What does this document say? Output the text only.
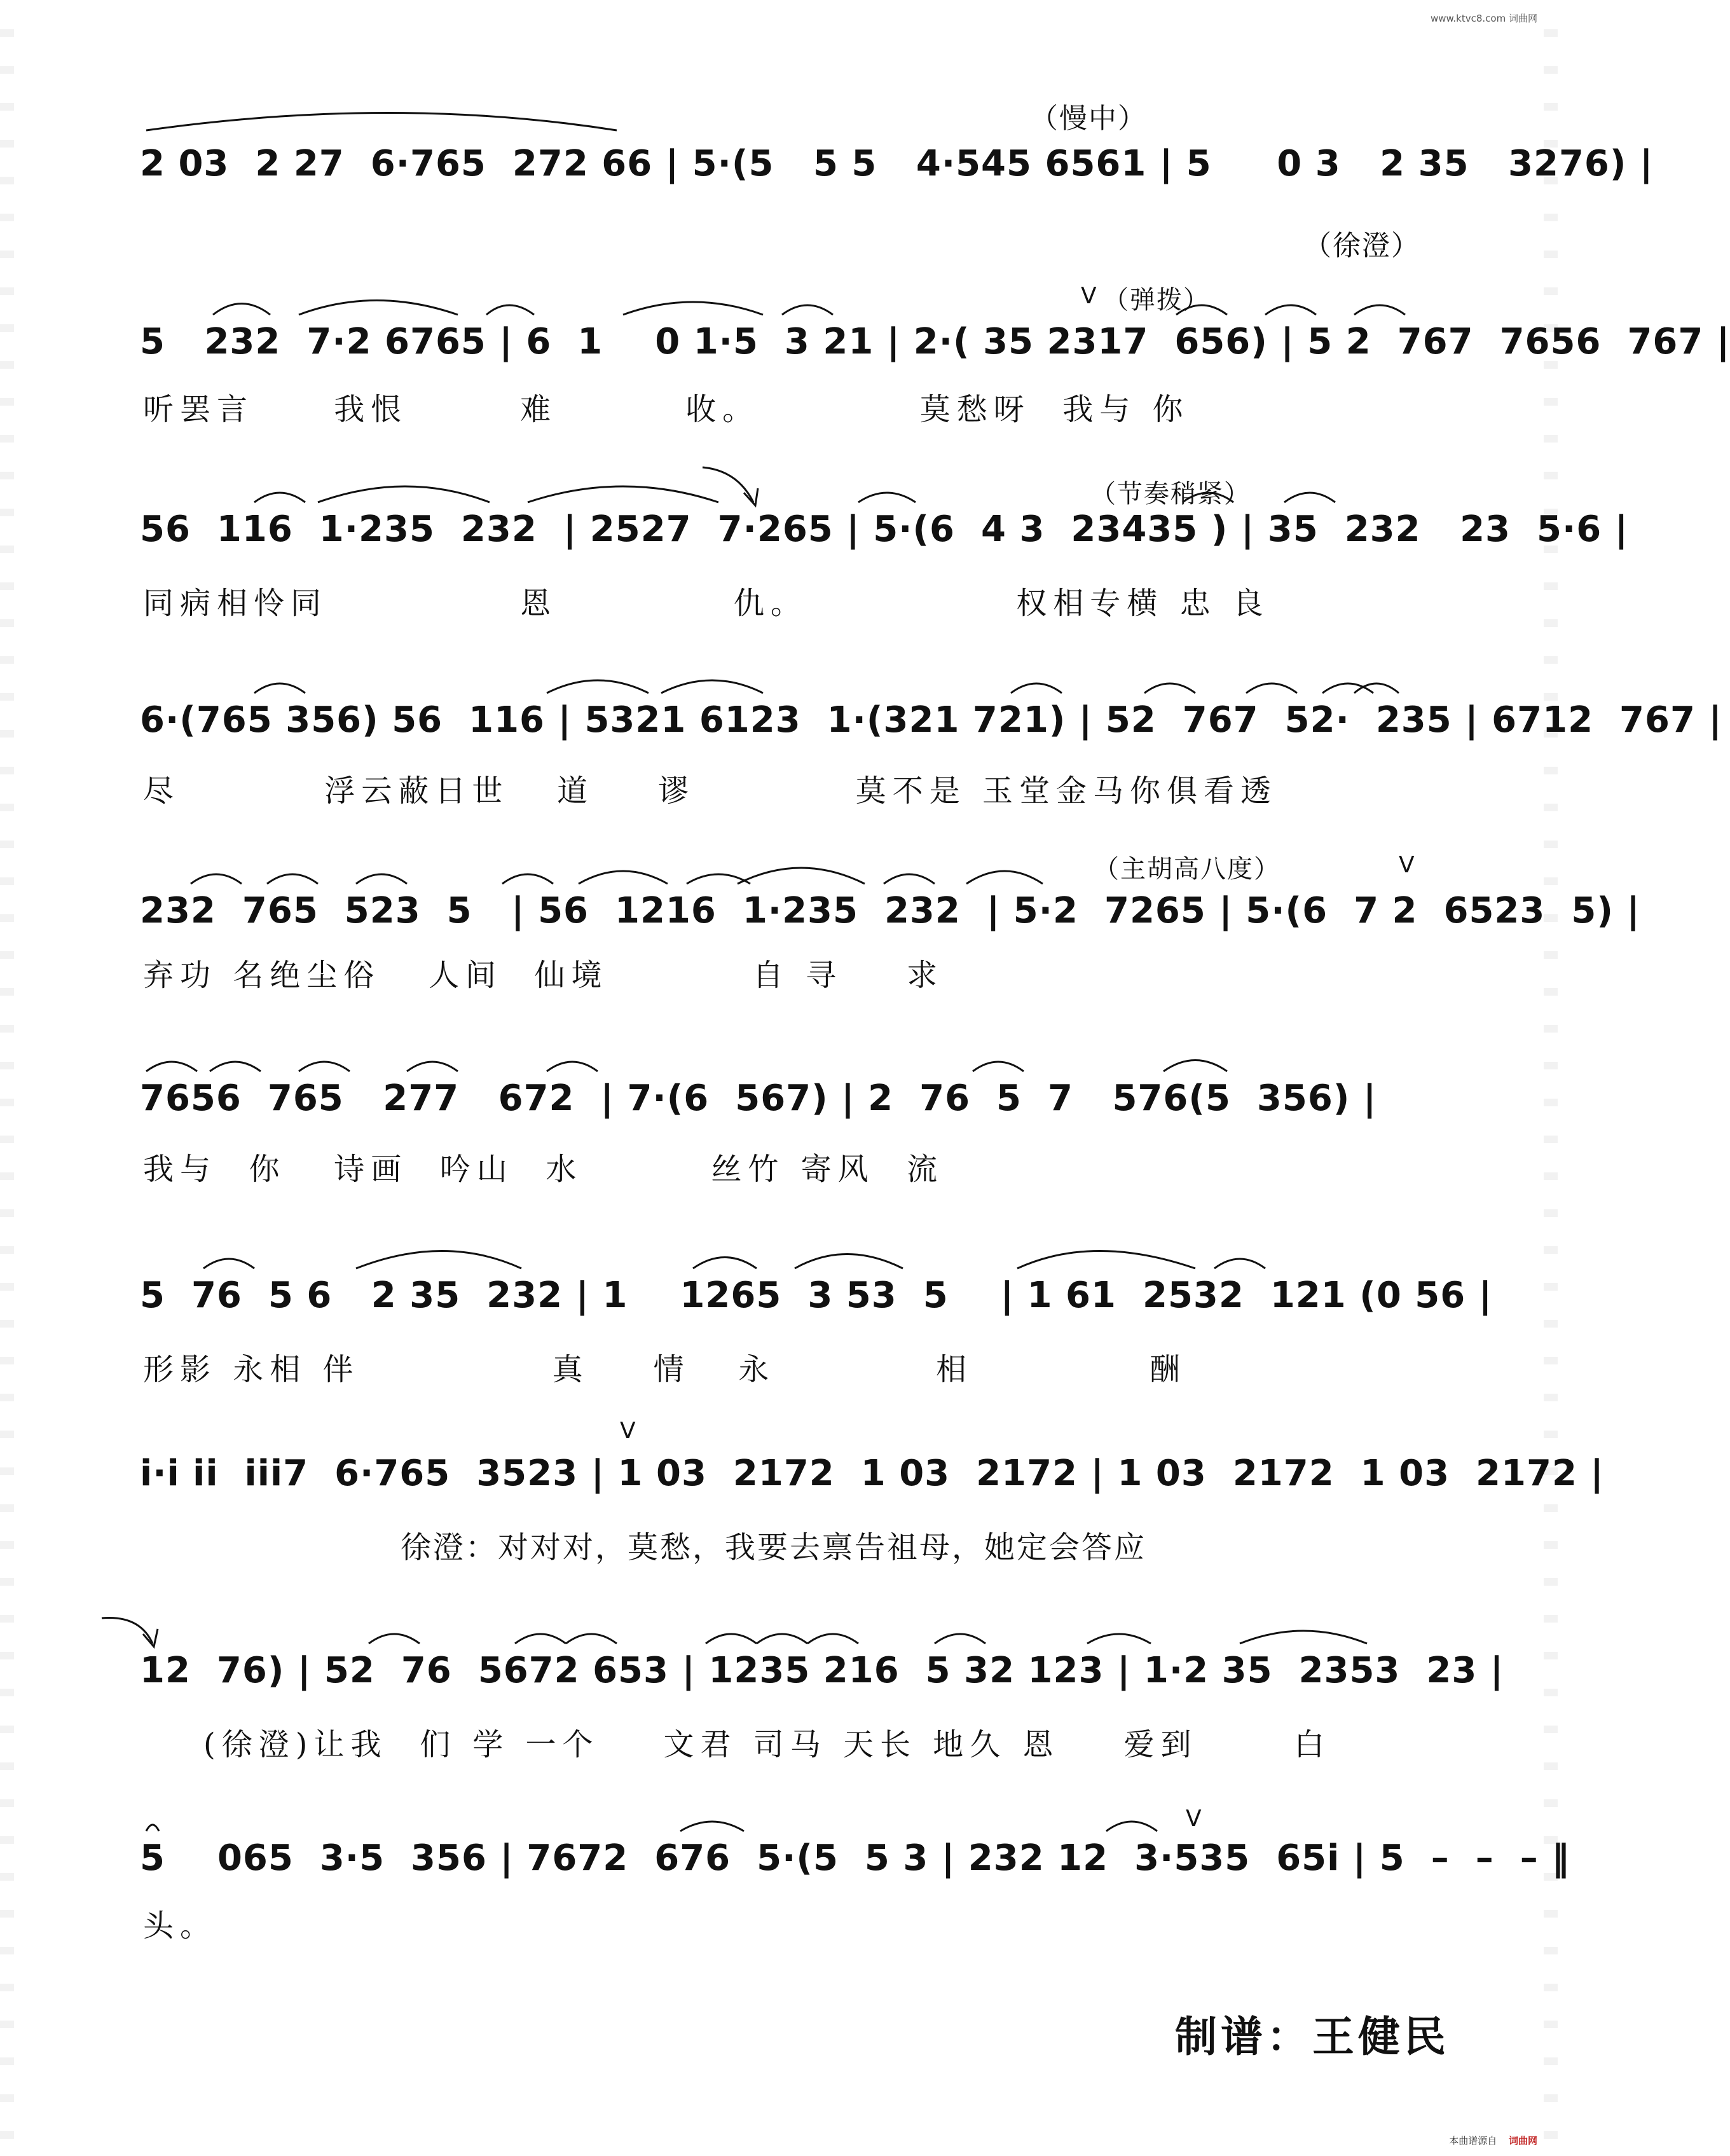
www.ktvc8.com 词曲网
（慢中）
（徐澄）
（弹拨）
（节奏稍紧）
（主胡高八度）
V
V
V
V
2 03  2 27  6·765  272 66 | 5·(5   5 5   4·545 6561 | 5     0 3   2 35   3276) |
5   232  7·2 6765 | 6  1    0 1·5  3 21 | 2·( 35 2317  656) | 5 2  767  7656  767 |
听罢言     我恨       难        收。          莫愁呀  我与 你
56  116  1·235  232  | 2527  7·265 | 5·(6  4 3  23435 ) | 35  232   23  5·6 |
同病相怜同            恩           仇。             权相专横 忠 良
6·(765 356) 56  116 | 5321 6123  1·(321 721) | 52  767  52·  235 | 6712  767 |
尽         浮云蔽日世   道    谬          莫不是 玉堂金马你俱看透
232  765  523  5   | 56  1216  1·235  232  | 5·2  7265 | 5·(6  7 2  6523  5) |
弃功 名绝尘俗   人间  仙境         自 寻    求
7656  765   277   672  | 7·(6  567) | 2  76  5  7   576(5  356) |
我与  你   诗画  吟山  水        丝竹 寄风  流
5  76  5 6   2 35  232 | 1    1265  3 53  5    | 1 61  2532  121 (0 56 |
形影 永相 伴            真    情   永          相           酬
i·i ii  iii7  6·765  3523 | 1 03  2172  1 03  2172 | 1 03  2172  1 03  2172 |
徐澄：对对对，莫愁，我要去禀告祖母，她定会答应
12  76) | 52  76  5672 653 | 1235 216  5 32 123 | 1·2 35  2353  23 |
(徐澄)让我  们 学 一个    文君 司马 天长 地久 恩    爱到      白
5    065  3·5  356 | 7672  676  5·(5  5 3 | 232 12  3·535  65i | 5  –  –  – ‖
头。
制谱：王健民
本曲谱源自 词曲网
